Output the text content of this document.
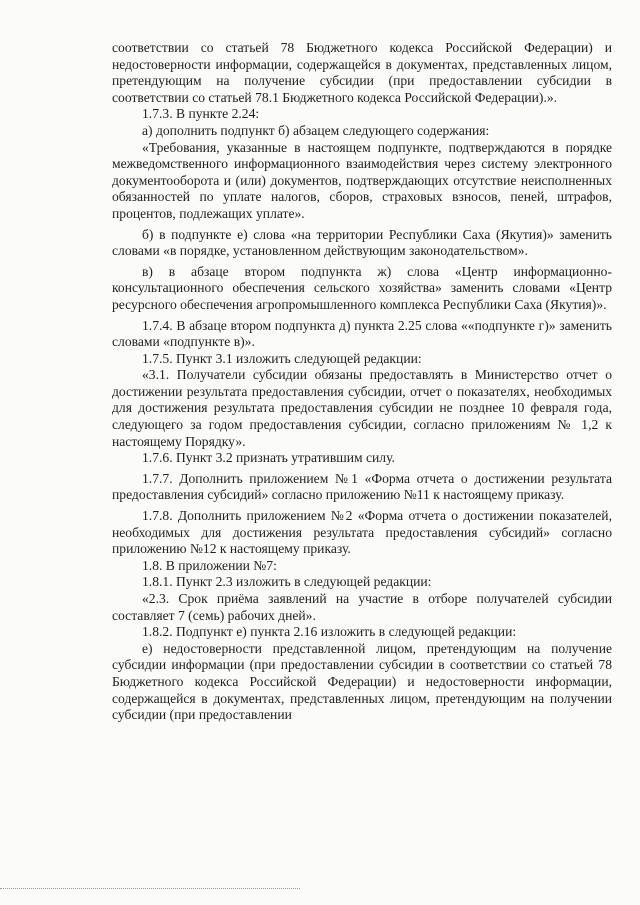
соответствии со статьей 78 Бюджетного кодекса Российской Федерации) и недостоверности информации, содержащейся в документах, представленных лицом, претендующим на получение субсидии (при предоставлении субсидии в соответствии со статьей 78.1 Бюджетного кодекса Российской Федерации).».

1.7.3. В пункте 2.24:

а) дополнить подпункт б) абзацем следующего содержания:

«Требования, указанные в настоящем подпункте, подтверждаются в порядке межведомственного информационного взаимодействия через систему электронного документооборота и (или) документов, подтверждающих отсутствие неисполненных обязанностей по уплате налогов, сборов, страховых взносов, пеней, штрафов, процентов, подлежащих уплате».

б) в подпункте е) слова «на территории Республики Саха (Якутия)» заменить словами «в порядке, установленном действующим законодательством».

в) в абзаце втором подпункта ж) слова «Центр информационно-консультационного обеспечения сельского хозяйства» заменить словами «Центр ресурсного обеспечения агропромышленного комплекса Республики Саха (Якутия)».

1.7.4. В абзаце втором подпункта д) пункта 2.25 слова ««подпункте г)» заменить словами «подпункте в)».

1.7.5. Пункт 3.1 изложить следующей редакции:

«3.1. Получатели субсидии обязаны предоставлять в Министерство отчет о достижении результата предоставления субсидии, отчет о показателях, необходимых для достижения результата предоставления субсидии не позднее 10 февраля года, следующего за годом предоставления субсидии, согласно приложениям № 1,2 к настоящему Порядку».

1.7.6. Пункт 3.2 признать утратившим силу.

1.7.7. Дополнить приложением №1 «Форма отчета о достижении результата предоставления субсидий» согласно приложению №11 к настоящему приказу.

1.7.8. Дополнить приложением №2 «Форма отчета о достижении показателей, необходимых для достижения результата предоставления субсидий» согласно приложению №12 к настоящему приказу.

1.8. В приложении №7:

1.8.1. Пункт 2.3 изложить в следующей редакции:

«2.3. Срок приёма заявлений на участие в отборе получателей субсидии составляет 7 (семь) рабочих дней».

1.8.2. Подпункт е) пункта 2.16 изложить в следующей редакции:

е) недостоверности представленной лицом, претендующим на получение субсидии информации (при предоставлении субсидии в соответствии со статьей 78 Бюджетного кодекса Российской Федерации) и недостоверности информации, содержащейся в документах, представленных лицом, претендующим на получении субсидии (при предоставлении
